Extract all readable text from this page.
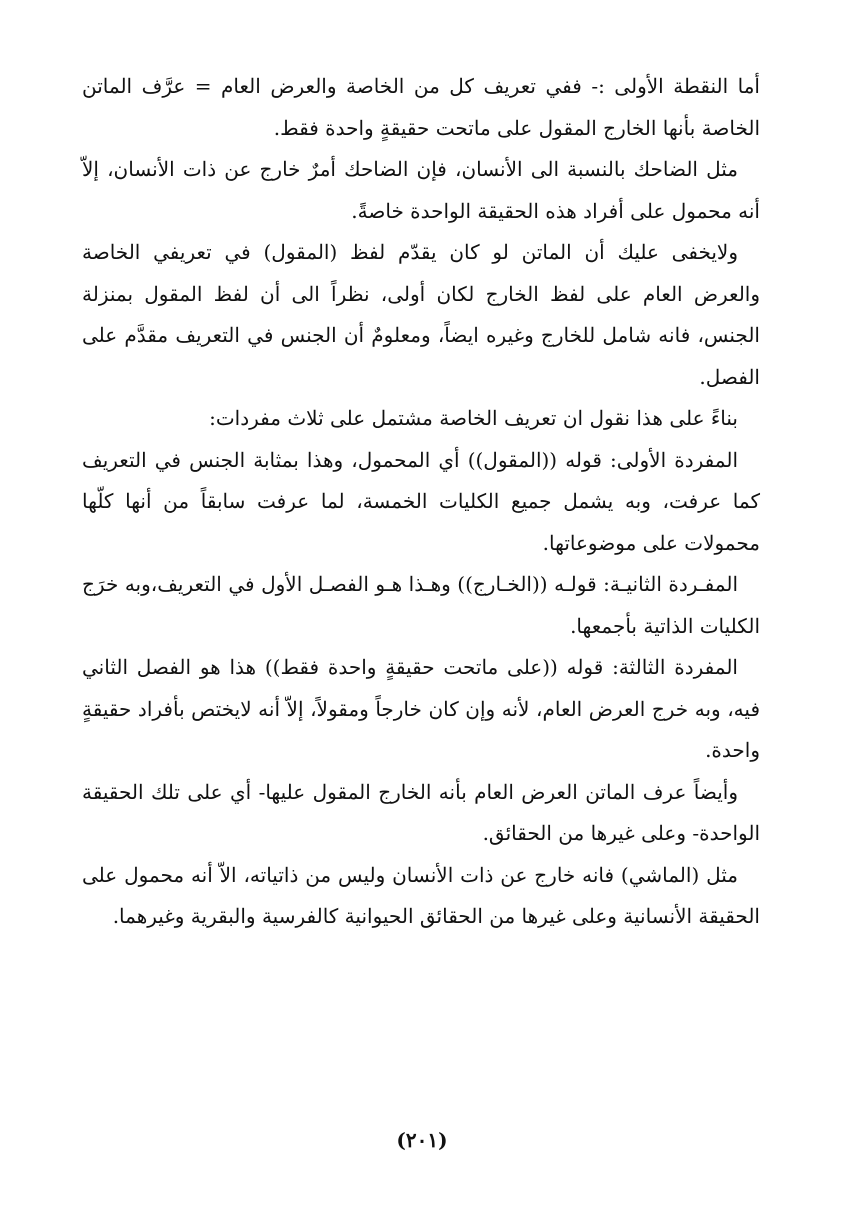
أما النقطة الأولى :- ففي تعريف كل من الخاصة والعرض العام = عرَّف الماتن الخاصة بأنها الخارج المقول على ماتحت حقيقةٍ واحدة فقط.

مثل الضاحك بالنسبة الى الأنسان، فإن الضاحك أمرٌ خارج عن ذات الأنسان، إلاّ أنه محمول على أفراد هذه الحقيقة الواحدة خاصةً.

ولايخفى عليك أن الماتن لو كان يقدّم لفظ (المقول) في تعريفي الخاصة والعرض العام على لفظ الخارج لكان أولى، نظراً الى أن لفظ المقول بمنزلة الجنس، فانه شامل للخارج وغيره ايضاً، ومعلومٌ أن الجنس في التعريف مقدَّم على الفصل.

بناءً على هذا نقول ان تعريف الخاصة مشتمل على ثلاث مفردات:

المفردة الأولى: قوله ((المقول)) أي المحمول، وهذا بمثابة الجنس في التعريف كما عرفت، وبه يشمل جميع الكليات الخمسة، لما عرفت سابقاً من أنها كلّها محمولات على موضوعاتها.

المفـردة الثانيـة: قولـه ((الخـارج)) وهـذا هـو الفصـل الأول في التعريف،وبه خرَج الكليات الذاتية بأجمعها.

المفردة الثالثة: قوله ((على ماتحت حقيقةٍ واحدة فقط)) هذا هو الفصل الثاني فيه، وبه خرج العرض العام، لأنه وإن كان خارجاً ومقولاً، إلاّ أنه لايختص بأفراد حقيقةٍ واحدة.

وأيضاً عرف الماتن العرض العام بأنه الخارج المقول عليها- أي على تلك الحقيقة الواحدة- وعلى غيرها من الحقائق.

مثل (الماشي) فانه خارج عن ذات الأنسان وليس من ذاتياته، الاّ أنه محمول على الحقيقة الأنسانية وعلى غيرها من الحقائق الحيوانية كالفرسية والبقرية وغيرهما.

(٢٠١)
